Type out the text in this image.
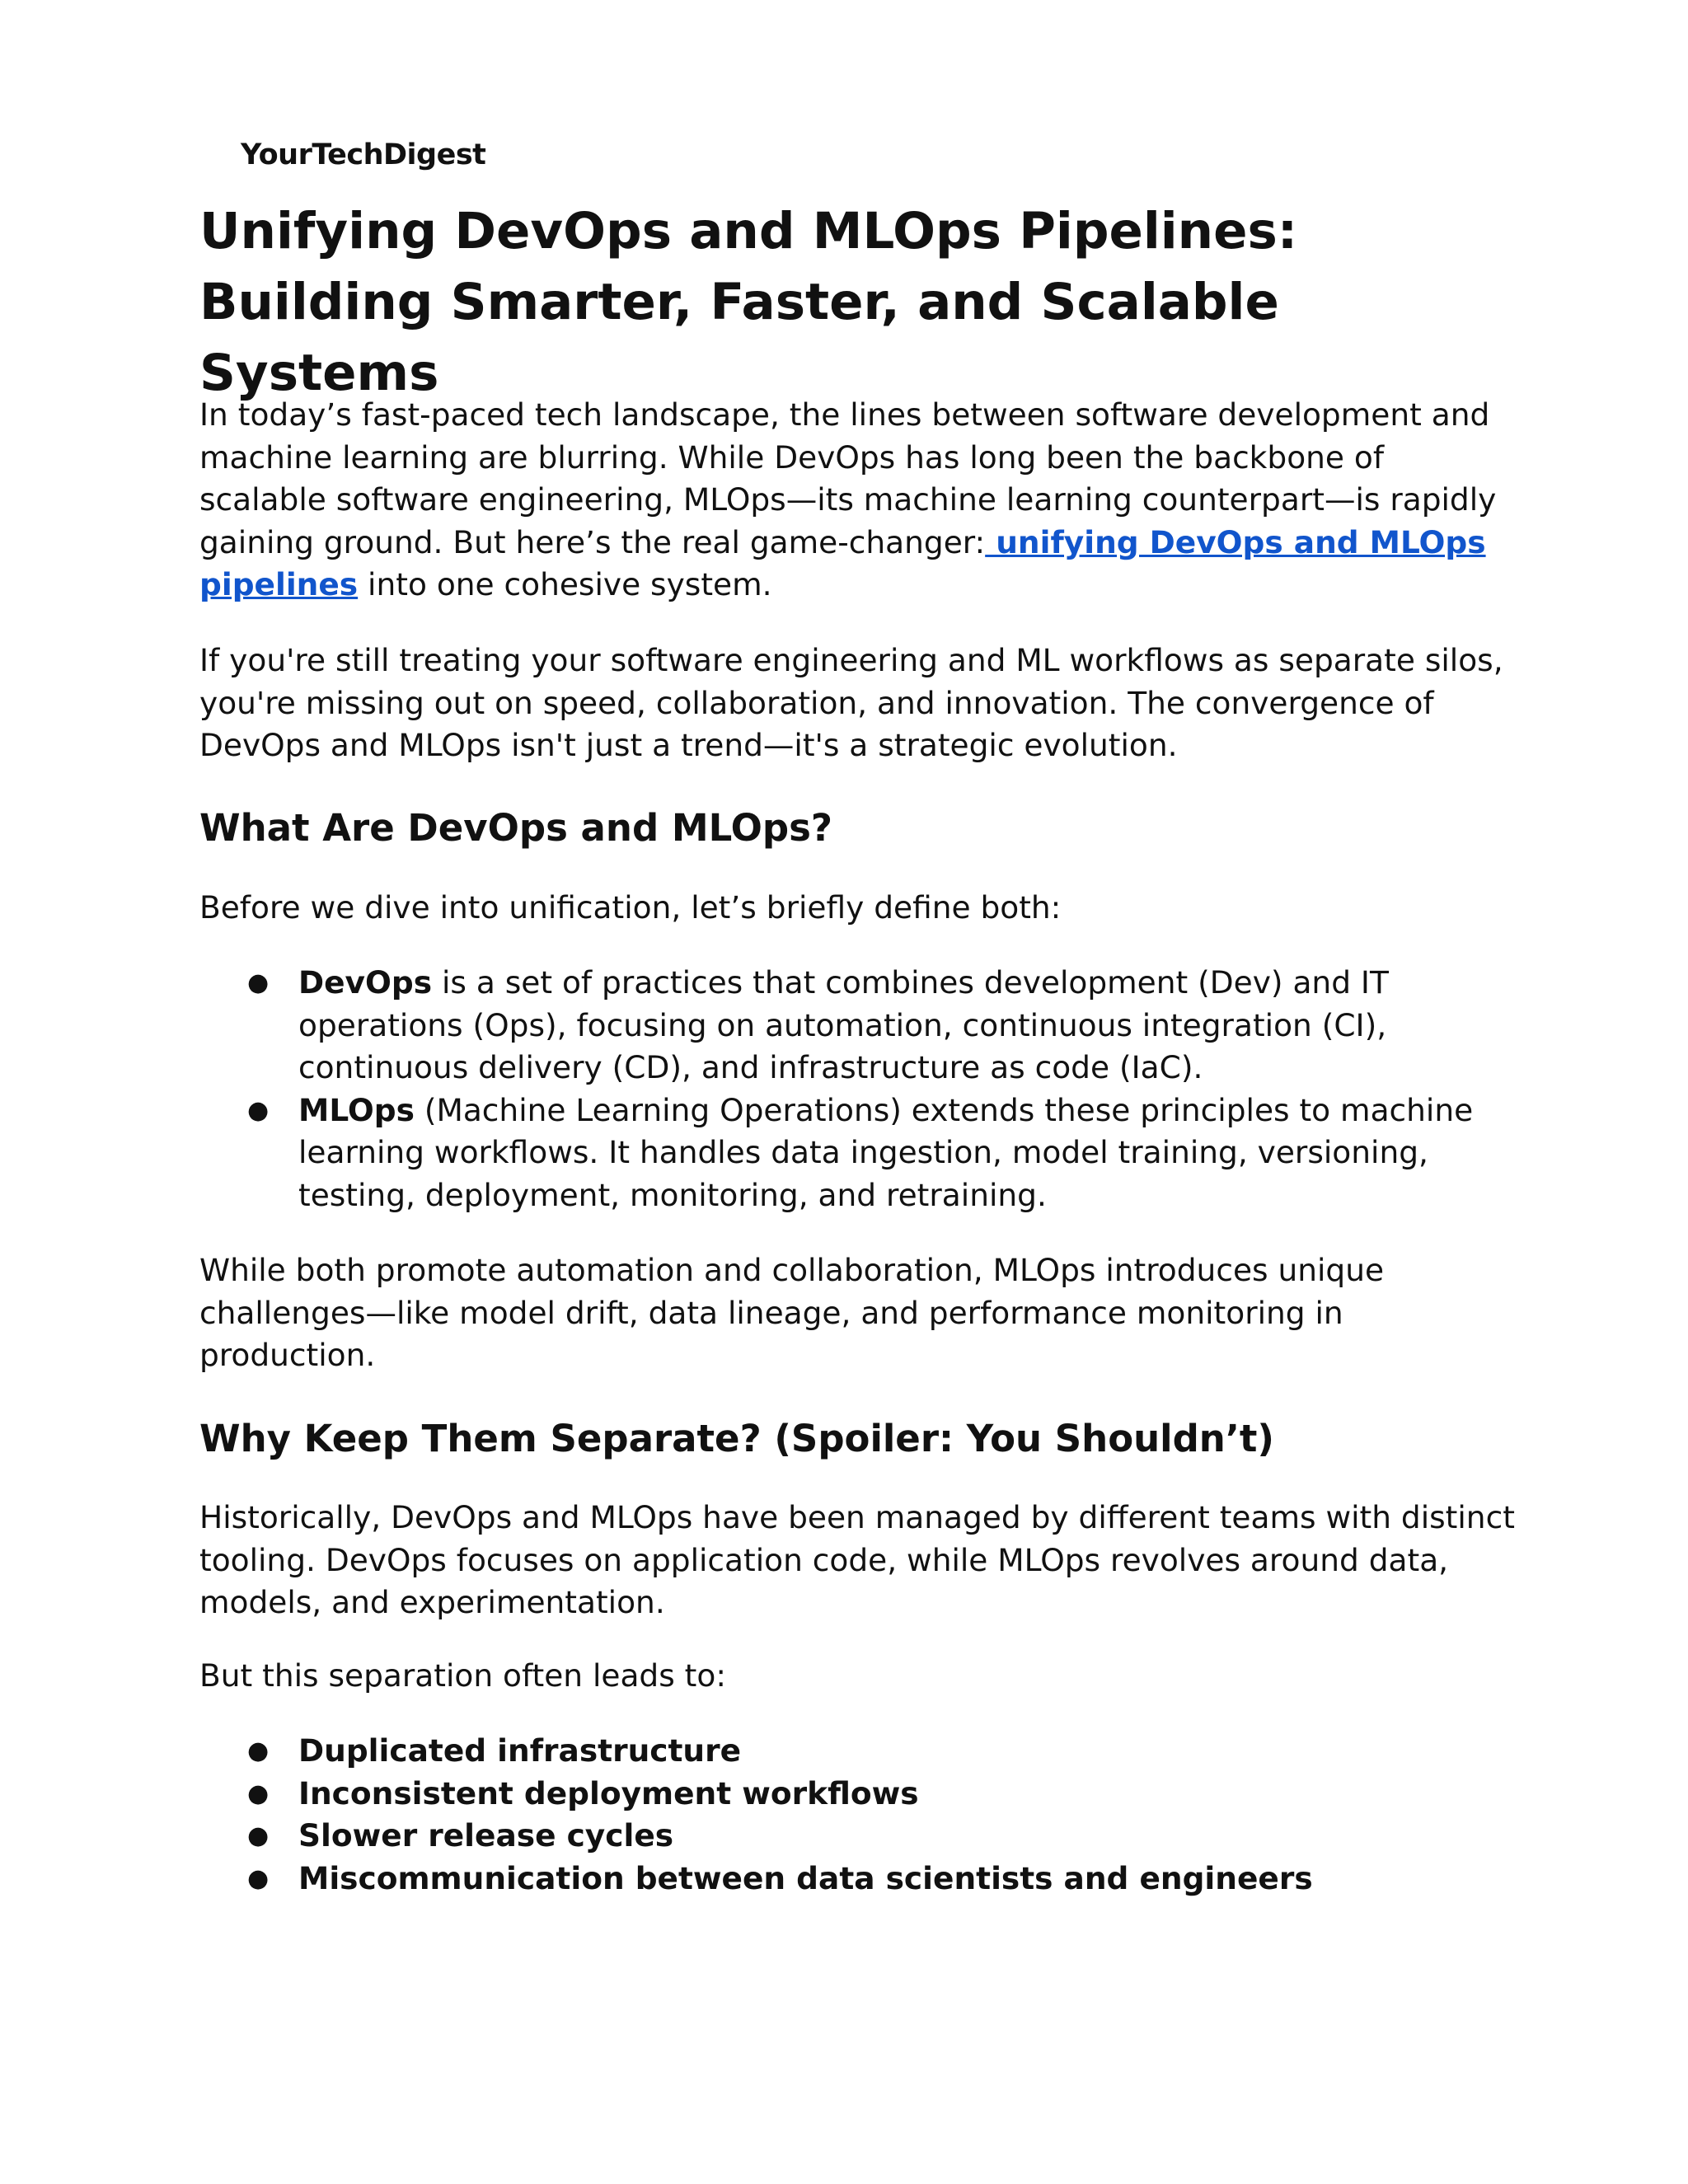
YourTechDigest
Unifying DevOps and MLOps Pipelines: Building Smarter, Faster, and Scalable Systems

In today’s fast-paced tech landscape, the lines between software development and machine learning are blurring. While DevOps has long been the backbone of scalable software engineering, MLOps—its machine learning counterpart—is rapidly gaining ground. But here’s the real game-changer: unifying DevOps and MLOps pipelines into one cohesive system.

If you're still treating your software engineering and ML workflows as separate silos, you're missing out on speed, collaboration, and innovation. The convergence of DevOps and MLOps isn't just a trend—it's a strategic evolution.

What Are DevOps and MLOps?

Before we dive into unification, let’s briefly define both:

● DevOps is a set of practices that combines development (Dev) and IT operations (Ops), focusing on automation, continuous integration (CI), continuous delivery (CD), and infrastructure as code (IaC).
● MLOps (Machine Learning Operations) extends these principles to machine learning workflows. It handles data ingestion, model training, versioning, testing, deployment, monitoring, and retraining.

While both promote automation and collaboration, MLOps introduces unique challenges—like model drift, data lineage, and performance monitoring in production.

Why Keep Them Separate? (Spoiler: You Shouldn’t)

Historically, DevOps and MLOps have been managed by different teams with distinct tooling. DevOps focuses on application code, while MLOps revolves around data, models, and experimentation.

But this separation often leads to:

● Duplicated infrastructure
● Inconsistent deployment workflows
● Slower release cycles
● Miscommunication between data scientists and engineers
